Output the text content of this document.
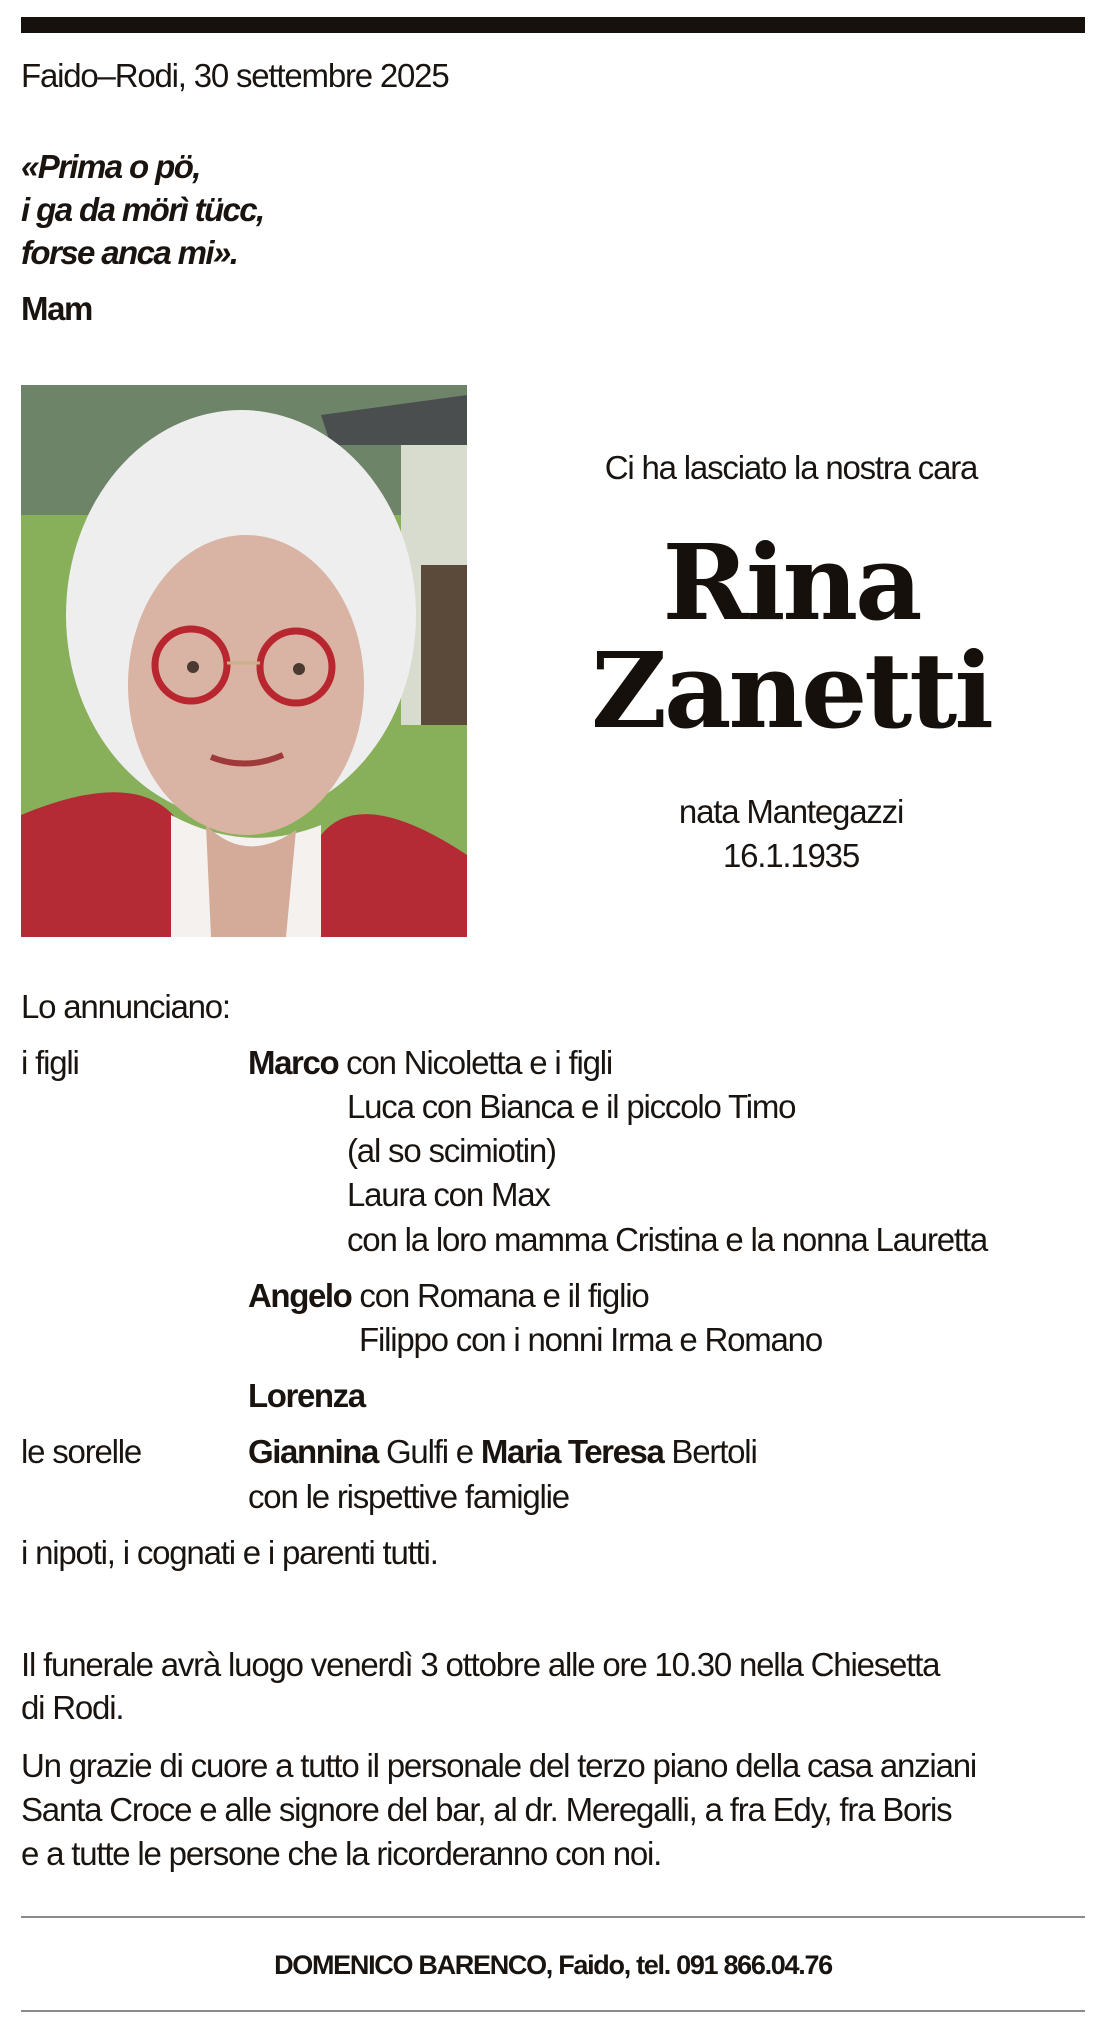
Faido–Rodi, 30 settembre 2025
«Prima o pö,
i ga da mörì tücc,
forse anca mi».
Mam
Ci ha lasciato la nostra cara
Rina
Zanetti
nata Mantegazzi
16.1.1935
Lo annunciano:
i figli	Marco con Nicoletta e i figli
Luca con Bianca e il piccolo Timo
(al so scimiotin)
Laura con Max
con la loro mamma Cristina e la nonna Lauretta
Angelo con Romana e il figlio
Filippo con i nonni Irma e Romano
Lorenza
le sorelle	Giannina Gulfi e Maria Teresa Bertoli
con le rispettive famiglie
i nipoti, i cognati e i parenti tutti.
Il funerale avrà luogo venerdì 3 ottobre alle ore 10.30 nella Chiesetta
di Rodi.
Un grazie di cuore a tutto il personale del terzo piano della casa anziani
Santa Croce e alle signore del bar, al dr. Meregalli, a fra Edy, fra Boris
e a tutte le persone che la ricorderanno con noi.
DOMENICO BARENCO, Faido, tel. 091 866.04.76
